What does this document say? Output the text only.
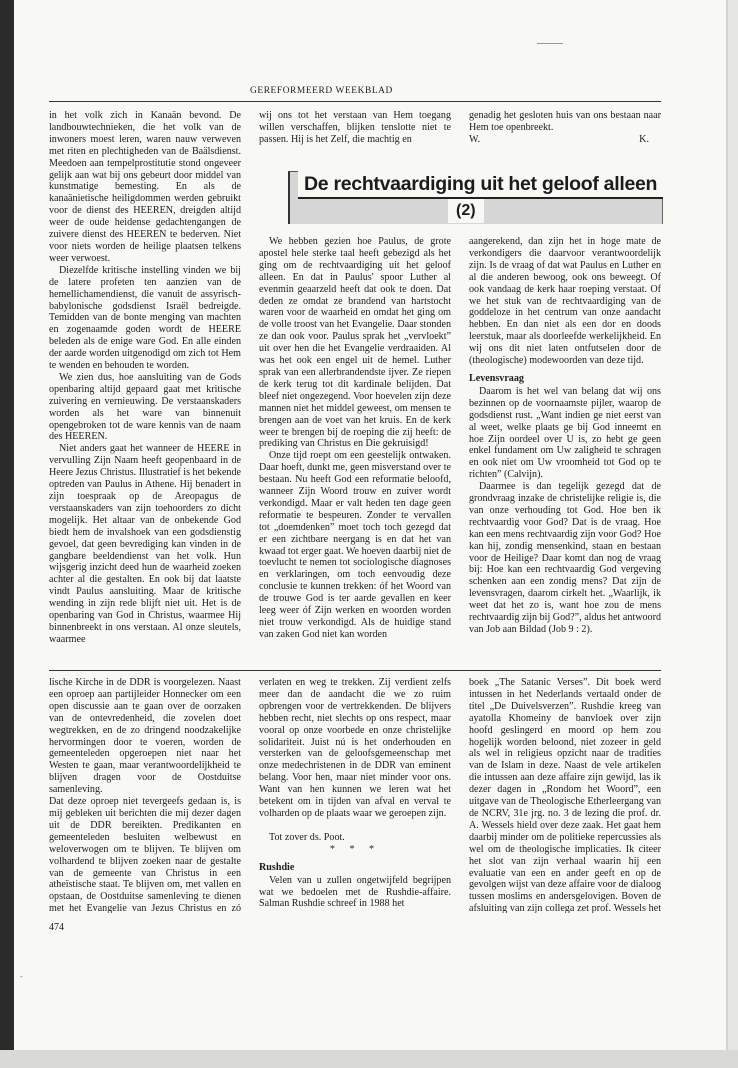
GEREFORMEERD WEEKBLAD

in het volk zich in Kanaän bevond. De landbouwtechnieken, die het volk van de inwoners moest leren, waren nauw verweven met riten en plechtigheden van de Baälsdienst. Meedoen aan tempelprostitutie stond ongeveer gelijk aan wat bij ons gebeurt door middel van kunstmatige bemesting. En als de kanaänietische heiligdommen werden gebruikt voor de dienst des HEEREN, dreigden altijd weer de oude heidense gedachtengangen de zuivere dienst des HEEREN te bederven. Niet voor niets worden de heilige plaatsen telkens weer verwoest.

Diezelfde kritische instelling vinden we bij de latere profeten ten aanzien van de hemellichamendienst, die vanuit de assyrisch-babylonische godsdienst Israël bedreigde. Temidden van de bonte menging van machten en zogenaamde goden wordt de HEERE beleden als de enige ware God. En alle einden der aarde worden uitgenodigd om zich tot Hem te wenden en behouden te worden.

We zien dus, hoe aansluiting van de Gods openbaring altijd gepaard gaat met kritische zuivering en vernieuwing. De verstaanskaders worden als het ware van binnenuit opengebroken tot de ware kennis van de naam des HEEREN.

Niet anders gaat het wanneer de HEERE in vervulling Zijn Naam heeft geopenbaard in de Heere Jezus Christus. Illustratief is het bekende optreden van Paulus in Athene. Hij benadert in zijn toespraak op de Areopagus de verstaanskaders van zijn toehoorders zo dicht mogelijk. Het altaar van de onbekende God biedt hem de invalshoek van een godsdienstig gevoel, dat geen bevrediging kan vinden in de gangbare beeldendienst van het volk. Hun wijsgerig inzicht deed hun de waarheid zoeken achter al die gestalten. En ook bij dat laatste vindt Paulus aansluiting. Maar de kritische wending in zijn rede blijft niet uit. Het is de openbaring van God in Christus, waarmee Hij binnenbreekt in ons verstaan. Al onze sleutels, waarmee

wij ons tot het verstaan van Hem toegang willen verschaffen, blijken tenslotte niet te passen. Hij is het Zelf, die machtig en

genadig het gesloten huis van ons bestaan naar Hem toe openbreekt.

W.	K.

De rechtvaardiging uit het geloof alleen
(2)

We hebben gezien hoe Paulus, de grote apostel hele sterke taal heeft gebezigd als het ging om de rechtvaardiging uit het geloof alleen. En dat in Paulus' spoor Luther al evenmin geaarzeld heeft dat ook te doen. Dat deden ze omdat ze brandend van hartstocht waren voor de waarheid en omdat het ging om de volle troost van het Evangelie. Daar stonden ze dan ook voor. Paulus sprak het „vervloekt” uit over hen die het Evangelie verdraaiden. Al was het ook een engel uit de hemel. Luther sprak van een allerbrandendste ijver. Ze riepen de kerk terug tot dit kardinale belijden. Dat bleef niet ongezegend. Voor hoevelen zijn deze mannen niet het middel geweest, om mensen te brengen aan de voet van het kruis. En de kerk weer te brengen bij de roeping die zij heeft: de prediking van Christus en Die gekruisigd!

Onze tijd roept om een geestelijk ontwaken. Daar hoeft, dunkt me, geen misverstand over te bestaan. Nu heeft God een reformatie beloofd, wanneer Zijn Woord trouw en zuiver wordt verkondigd. Maar er valt heden ten dage geen reformatie te bespeuren. Zonder te vervallen tot „doemdenken” moet toch toch gezegd dat er een zichtbare neergang is en dat het van kwaad tot erger gaat. We hoeven daarbij niet de toevlucht te nemen tot sociologische diagnoses en verklaringen, om toch eenvoudig deze conclusie te kunnen trekken: óf het Woord van de trouwe God is ter aarde gevallen en keer leeg weer óf Zijn werken en woorden worden niet trouw verkondigd. Als de huidige stand van zaken God niet kan worden

aangerekend, dan zijn het in hoge mate de verkondigers die daarvoor verantwoordelijk zijn. Is de vraag of dat wat Paulus en Luther en al die anderen bewoog, ook ons beweegt. Of ook vandaag de kerk haar roeping verstaat. Of we het stuk van de rechtvaardiging van de goddeloze in het centrum van onze aandacht hebben. En dan niet als een dor en doods leerstuk, maar als doorleefde werkelijkheid. En wij ons dit niet laten ontfutselen door de (theologische) modewoorden van deze tijd.

Levensvraag

Daarom is het wel van belang dat wij ons bezinnen op de voornaamste pijler, waarop de godsdienst rust. „Want indien ge niet eerst van al weet, welke plaats ge bij God inneemt en hoe Zijn oordeel over U is, zo hebt ge geen enkel fundament om Uw zaligheid te schragen en ook niet om Uw vroomheid tot God op te richten” (Calvijn).

Daarmee is dan tegelijk gezegd dat de grondvraag inzake de christelijke religie is, die van onze verhouding tot God. Hoe ben ik rechtvaardig voor God? Dat is de vraag. Hoe kan een mens rechtvaardig zijn voor God? Hoe kan hij, zondig mensenkind, staan en bestaan voor de Heilige? Daar komt dan nog de vraag bij: Hoe kan een rechtvaardig God vergeving schenken aan een zondig mens? Dat zijn de levensvragen, daarom cirkelt het. „Waarlijk, ik weet dat het zo is, want hoe zou de mens rechtvaardig zijn bij God?”, aldus het antwoord van Job aan Bildad (Job 9 : 2).

lische Kirche in de DDR is voorgelezen. Naast een oproep aan partijleider Honnecker om een open discussie aan te gaan over de oorzaken van de ontevredenheid, die zovelen doet wegtrekken, en de zo dringend noodzakelijke hervormingen door te voeren, worden de gemeenteleden opgeroepen niet naar het Westen te gaan, maar verantwoordelijkheid te blijven dragen voor de Oostduitse samenleving.

Dat deze oproep niet tevergeefs gedaan is, is mij gebleken uit berichten die mij dezer dagen uit de DDR bereikten. Predikanten en gemeenteleden besluiten welbewust en weloverwogen om te blijven. Te blijven om volhardend te blijven zoeken naar de gestalte van de gemeente van Christus in een atheïstische staat. Te blijven om, met vallen en opstaan, de Oostduitse samenleving te dienen met het Evangelie van Jezus Christus en zó

verlaten en weg te trekken. Zij verdient zelfs meer dan de aandacht die we zo ruim opbrengen voor de vertrekkenden. De blijvers hebben recht, niet slechts op ons respect, maar vooral op onze voorbede en onze christelijke solidariteit. Juist nú is het onderhouden en versterken van de geloofsgemeenschap met onze medechristenen in de DDR van eminent belang. Voor hen, maar niet minder voor ons. Want van hen kunnen we leren wat het betekent om in tijden van afval en verval te volharden op de plaats waar we geroepen zijn.

Tot zover ds. Poot.

* * *

Rushdie

Velen van u zullen ongetwijfeld begrijpen wat we bedoelen met de Rushdie-affaire. Salman Rushdie schreef in 1988 het

boek „The Satanic Verses”. Dit boek werd intussen in het Nederlands vertaald onder de titel „De Duivelsverzen”. Rushdie kreeg van ayatolla Khomeiny de banvloek over zijn hoofd geslingerd en moord op hem zou hogelijk worden beloond, niet zozeer in geld als wel in religieus opzicht naar de tradities van de Islam in deze. Naast de vele artikelen die intussen aan deze affaire zijn gewijd, las ik dezer dagen in „Rondom het Woord”, een uitgave van de Theologische Etherleergang van de NCRV, 31e jrg. no. 3 de lezing die prof. dr. A. Wessels hield over deze zaak. Het gaat hem daarbij minder om de politieke repercussies als wel om de theologische implicaties. Ik citeer het slot van zijn verhaal waarin hij een evaluatie van een en ander geeft en op de gevolgen wijst van deze affaire voor de dialoog tussen moslims en andersgelovigen. Boven de afsluiting van zijn collega zet prof. Wessels het

474
-
